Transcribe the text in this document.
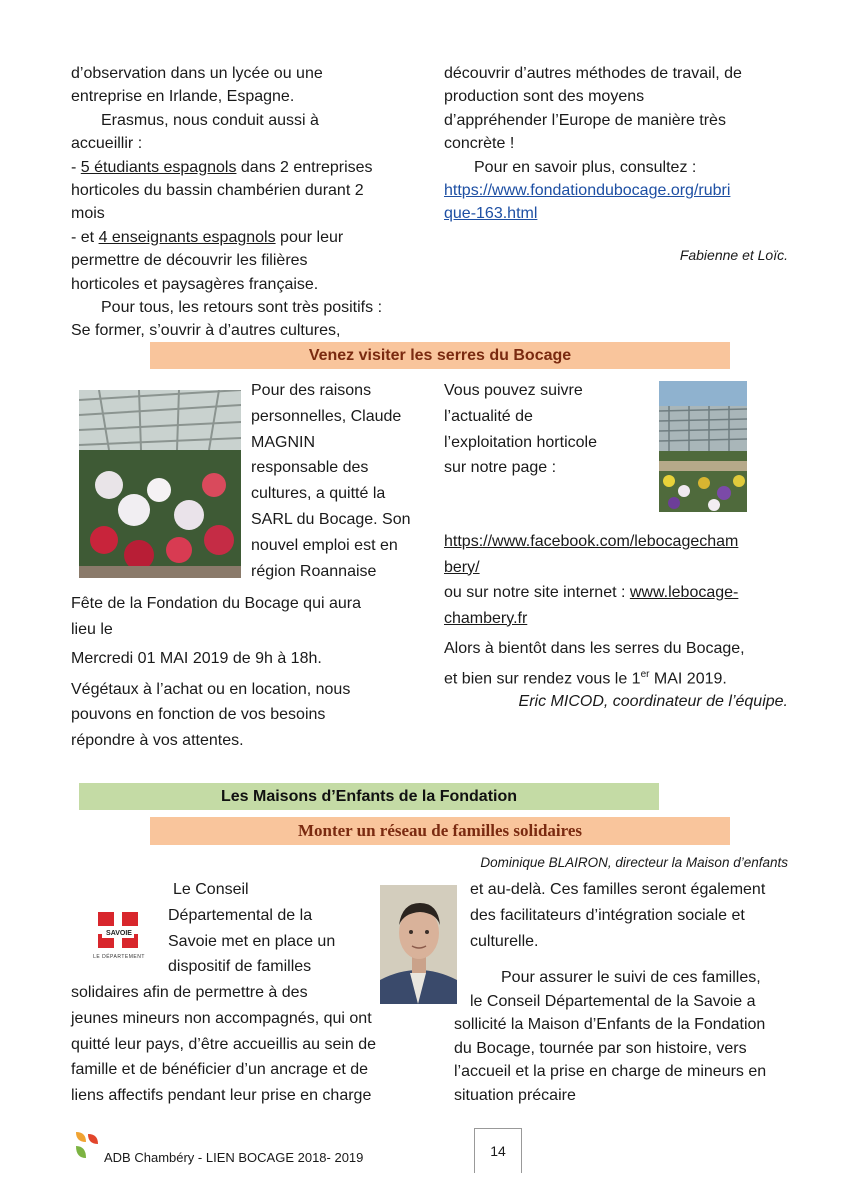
d’observation dans un lycée ou une
entreprise en Irlande, Espagne.
Erasmus, nous conduit aussi à
accueillir :
- 5 étudiants espagnols dans 2 entreprises
horticoles du bassin chambérien durant 2
mois
- et 4 enseignants espagnols pour leur
permettre de découvrir les filières
horticoles et paysagères française.
Pour tous, les retours sont très positifs :
Se former, s’ouvrir à d’autres cultures,
découvrir d’autres méthodes de travail, de
production sont des moyens
d’appréhender l’Europe de manière très
concrète !
Pour en savoir plus, consultez :
https://www.fondationdubocage.org/rubri
que-163.html
Fabienne et Loïc.
Venez visiter les serres du Bocage
Pour des raisons
personnelles, Claude
MAGNIN
responsable des
cultures, a quitté la
SARL du Bocage. Son
nouvel emploi est en
région Roannaise
Fête de la Fondation du Bocage qui aura
lieu le
Mercredi 01 MAI 2019 de 9h à 18h.
Végétaux à l’achat ou en location, nous
pouvons en fonction de vos besoins
répondre à vos attentes.
Vous pouvez suivre
l’actualité de
l’exploitation horticole
sur notre page :
https://www.facebook.com/lebocagecham
bery/
ou sur notre site internet : www.lebocage-
chambery.fr
Alors à bientôt dans les serres du Bocage,
et bien sur rendez vous le 1er MAI 2019.
Eric MICOD, coordinateur de l’équipe.
Les Maisons d’Enfants de la Fondation
Monter un réseau de familles solidaires
Dominique BLAIRON, directeur la Maison d’enfants
SAVOIE
LE DÉPARTEMENT
Le Conseil
Départemental de la
Savoie met en place un
dispositif de familles
solidaires afin de permettre à des
jeunes mineurs non accompagnés, qui ont
quitté leur pays, d’être accueillis au sein de
famille et de bénéficier d’un ancrage et de
liens affectifs pendant leur prise en charge
et au-delà. Ces familles seront également
des facilitateurs d’intégration sociale et
culturelle.
Pour assurer le suivi de ces familles,
le Conseil Départemental de la Savoie a
sollicité la Maison d’Enfants de la Fondation
du Bocage, tournée par son histoire, vers
l’accueil et la prise en charge de mineurs en
situation précaire
ADB Chambéry - LIEN BOCAGE 2018- 2019	14
